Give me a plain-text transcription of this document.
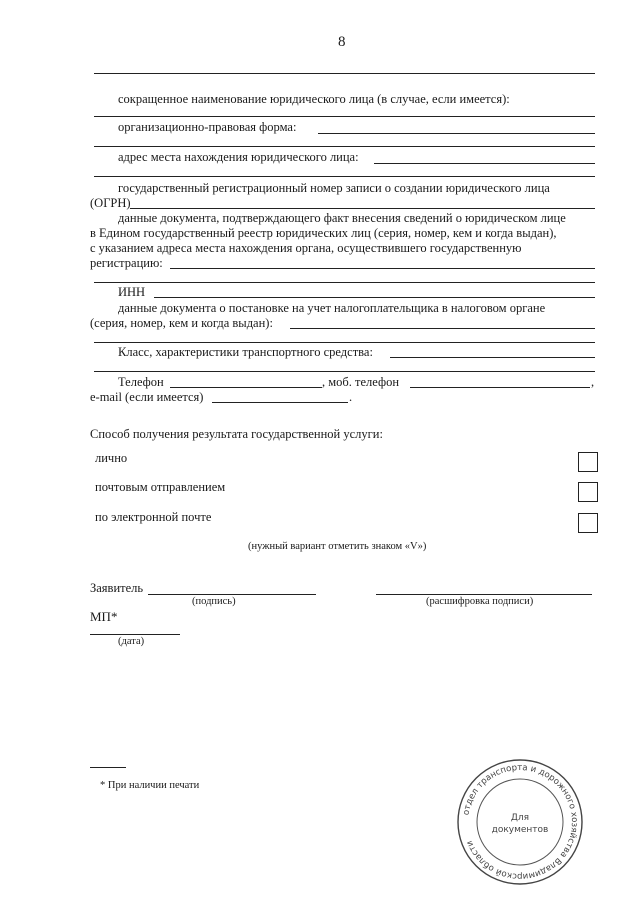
8
сокращенное наименование юридического лица (в случае, если имеется):
организационно-правовая форма:
адрес места нахождения юридического лица:
государственный регистрационный номер записи о создании юридического лица
(ОГРН)
данные документа, подтверждающего факт внесения сведений о юридическом лице
в Едином государственный реестр юридических лиц (серия, номер, кем и когда выдан),
с указанием адреса места нахождения органа, осуществившего государственную
регистрацию:
ИНН
данные документа о постановке на учет налогоплательщика в налоговом органе
(серия, номер, кем и когда выдан):
Класс, характеристики транспортного средства:
Телефон	, моб. телефон	,
e-mail (если имеется)	.
Способ получения результата государственной услуги:
лично
почтовым отправлением
по электронной почте
(нужный вариант отметить знаком «V»)
Заявитель
(подпись)	(расшифровка подписи)
МП*
(дата)
* При наличии печати
отдел транспорта и дорожного хозяйства Владимирской области
Для
документов
